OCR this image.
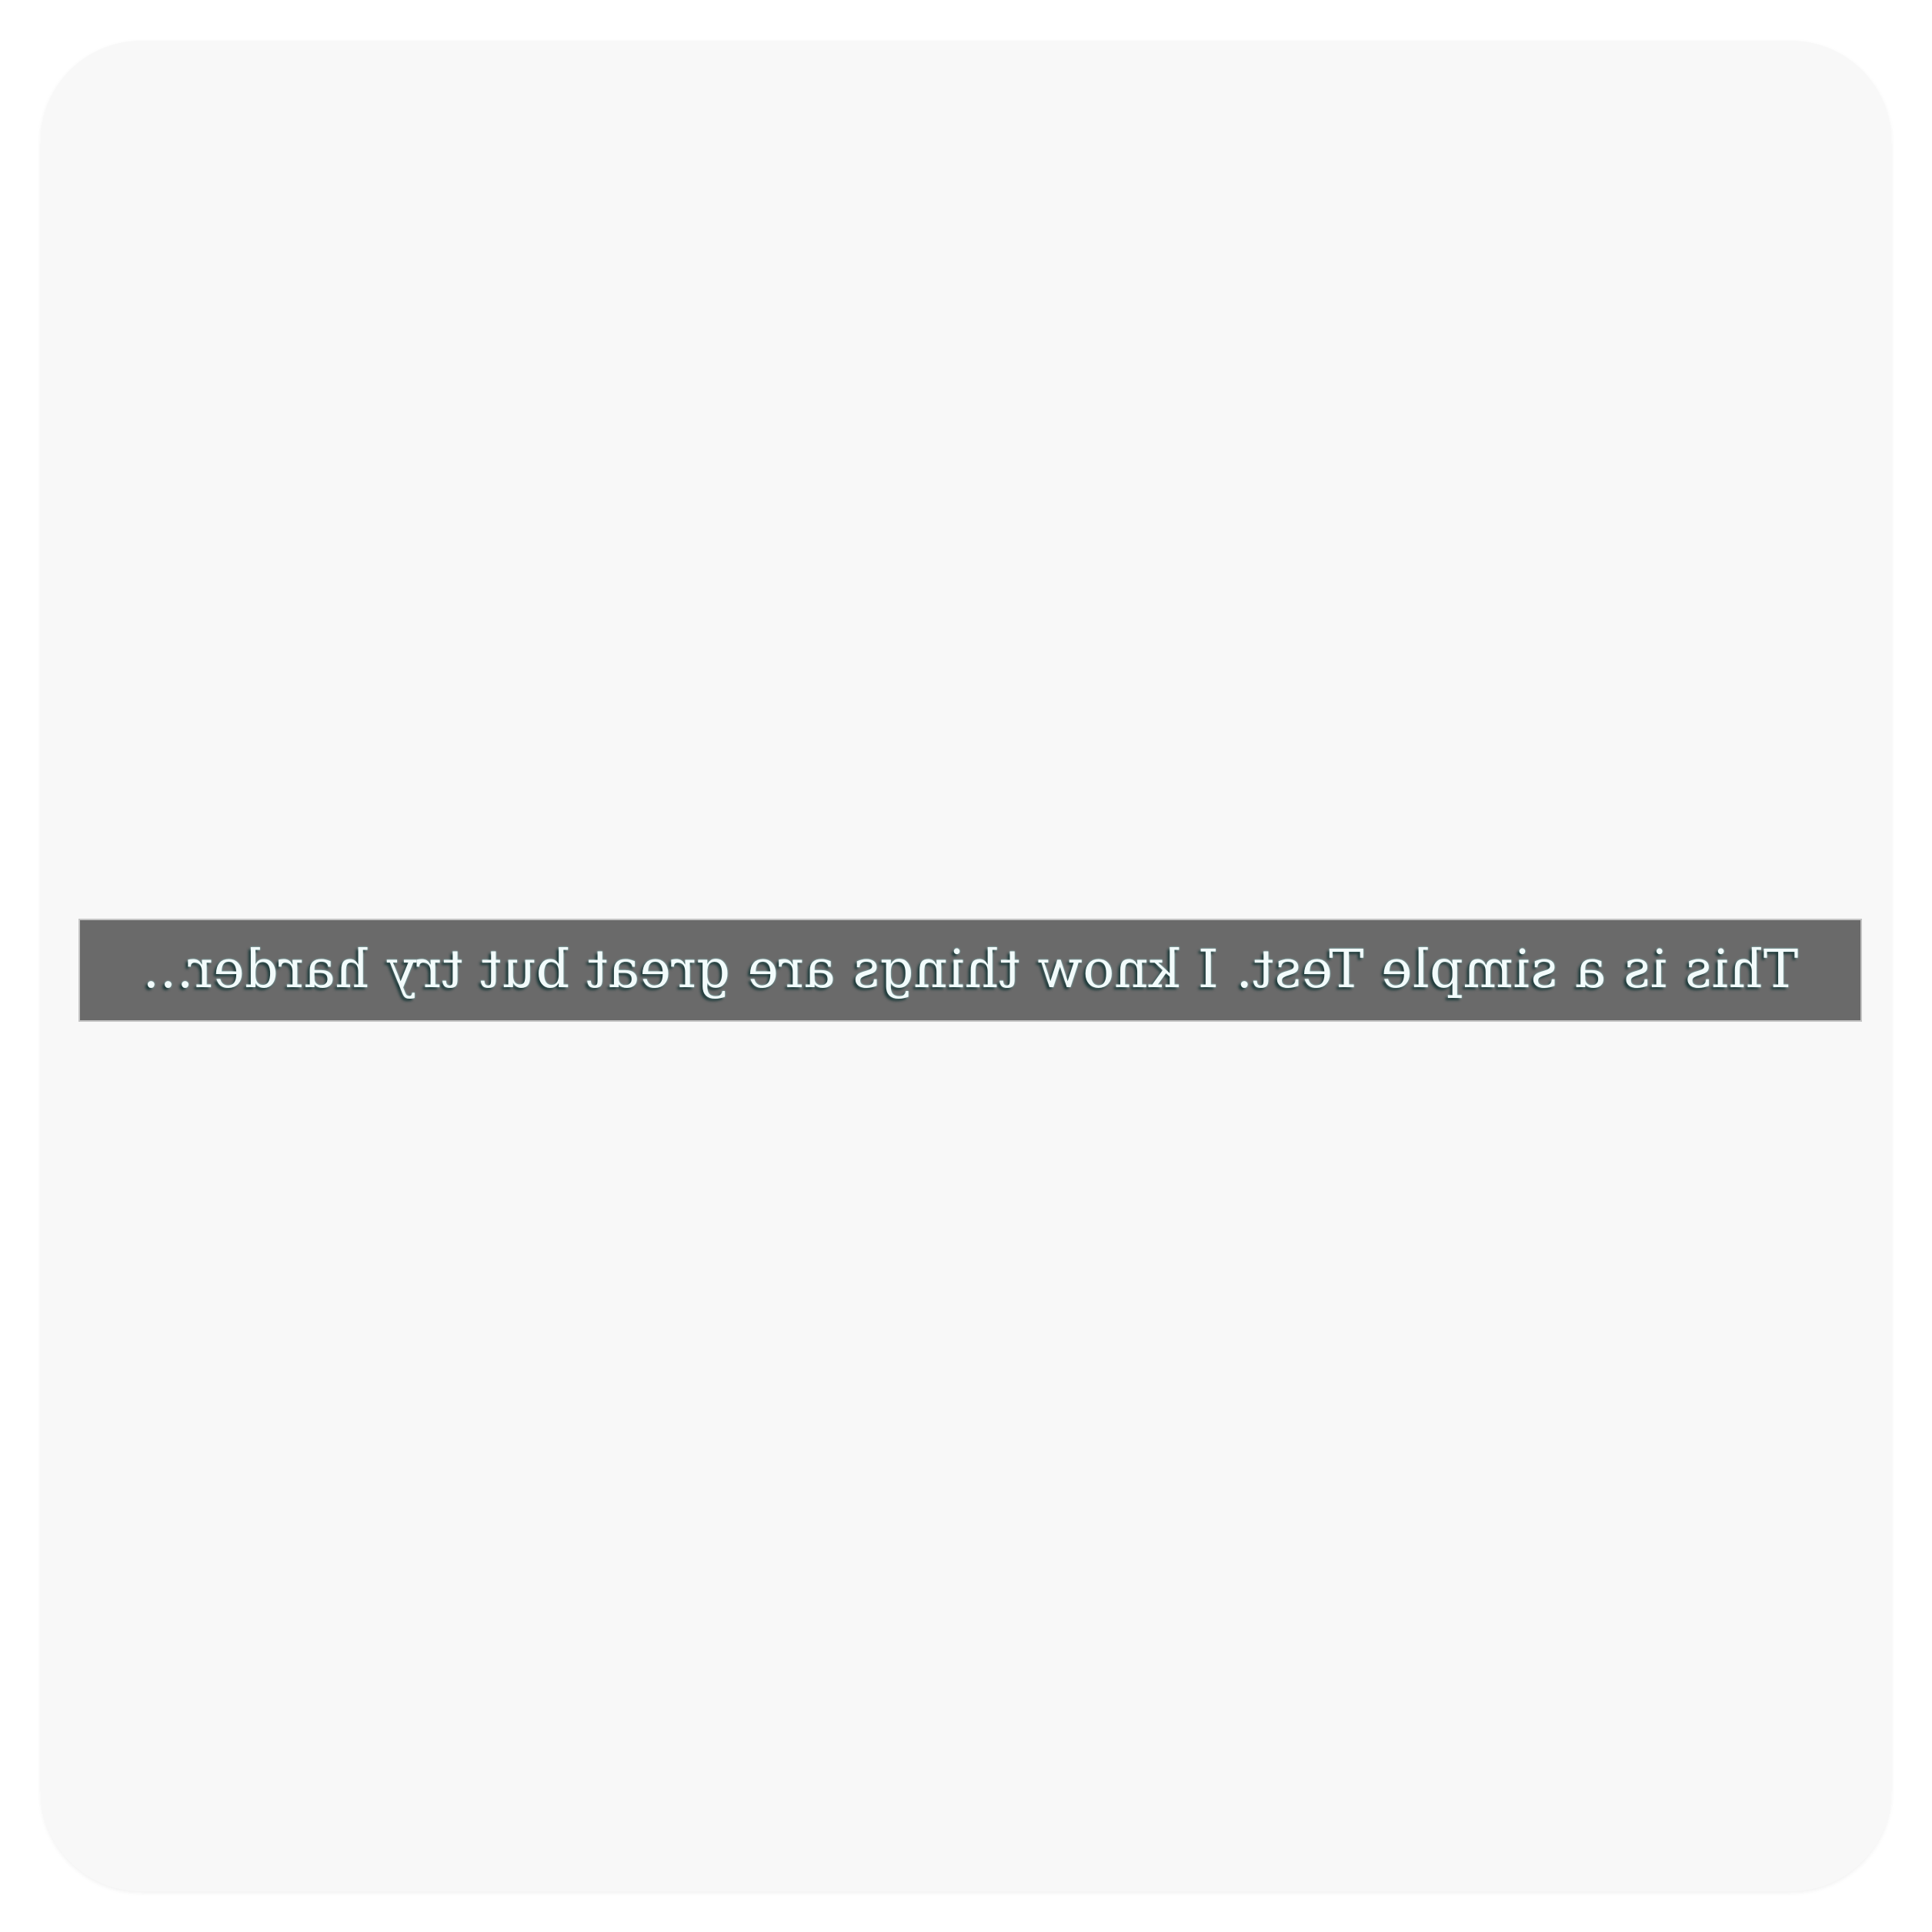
This is a simple Test. I know things are great but try harder...
